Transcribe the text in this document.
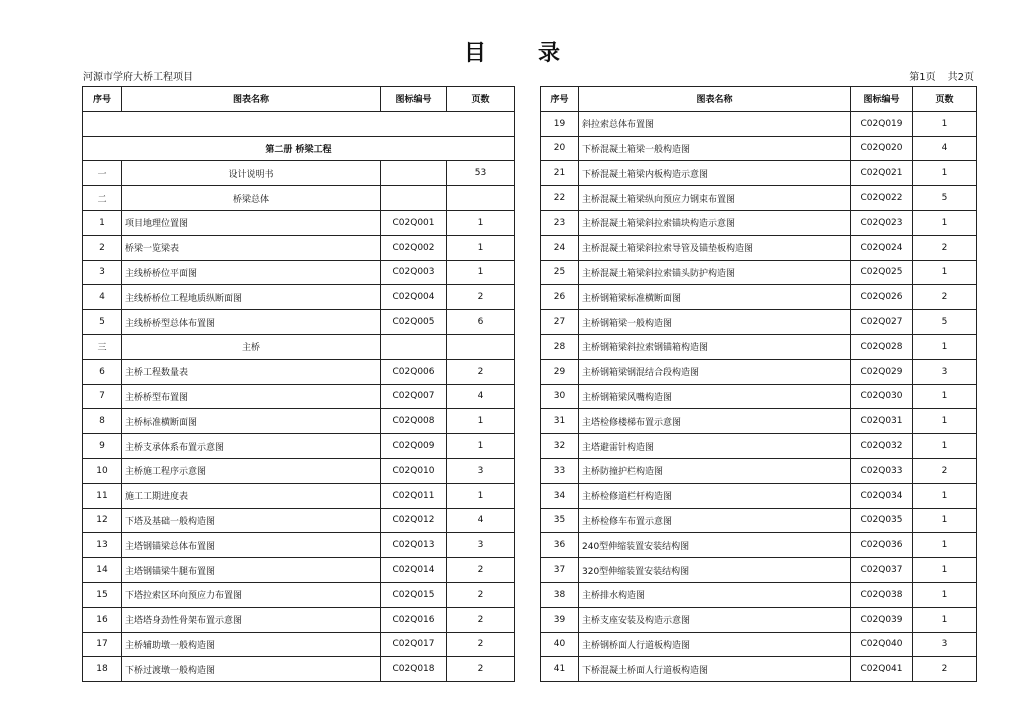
目 录
河源市学府大桥工程项目	第1页 共2页
序号	图表名称	图标编号	页数

第二册 桥梁工程			
一	设计说明书		53
二	桥梁总体		
1	项目地理位置图	C02Q001	1
2	桥梁一览梁表	C02Q002	1
3	主线桥桥位平面图	C02Q003	1
4	主线桥桥位工程地质纵断面图	C02Q004	2
5	主线桥桥型总体布置图	C02Q005	6
三	主桥		
6	主桥工程数量表	C02Q006	2
7	主桥桥型布置图	C02Q007	4
8	主桥标准横断面图	C02Q008	1
9	主桥支承体系布置示意图	C02Q009	1
10	主桥施工程序示意图	C02Q010	3
11	施工工期进度表	C02Q011	1
12	下塔及基础一般构造图	C02Q012	4
13	主塔钢锚梁总体布置图	C02Q013	3
14	主塔钢锚梁牛腿布置图	C02Q014	2
15	下塔拉索区环向预应力布置图	C02Q015	2
16	主塔塔身劲性骨架布置示意图	C02Q016	2
17	主桥辅助墩一般构造图	C02Q017	2
18	下桥过渡墩一般构造图	C02Q018	2
序号	图表名称	图标编号	页数
19	斜拉索总体布置图	C02Q019	1
20	下桥混凝土箱梁一般构造图	C02Q020	4
21	下桥混凝土箱梁内板构造示意图	C02Q021	1
22	主桥混凝土箱梁纵向预应力钢束布置图	C02Q022	5
23	主桥混凝土箱梁斜拉索锚块构造示意图	C02Q023	1
24	主桥混凝土箱梁斜拉索导管及锚垫板构造图	C02Q024	2
25	主桥混凝土箱梁斜拉索锚头防护构造图	C02Q025	1
26	主桥钢箱梁标准横断面图	C02Q026	2
27	主桥钢箱梁一般构造图	C02Q027	5
28	主桥钢箱梁斜拉索钢锚箱构造图	C02Q028	1
29	主桥钢箱梁钢混结合段构造图	C02Q029	3
30	主桥钢箱梁风嘴构造图	C02Q030	1
31	主塔检修楼梯布置示意图	C02Q031	1
32	主塔避雷针构造图	C02Q032	1
33	主桥防撞护栏构造图	C02Q033	2
34	主桥检修道栏杆构造图	C02Q034	1
35	主桥检修车布置示意图	C02Q035	1
36	240型伸缩装置安装结构图	C02Q036	1
37	320型伸缩装置安装结构图	C02Q037	1
38	主桥排水构造图	C02Q038	1
39	主桥支座安装及构造示意图	C02Q039	1
40	主桥钢桥面人行道板构造图	C02Q040	3
41	下桥混凝土桥面人行道板构造图	C02Q041	2
